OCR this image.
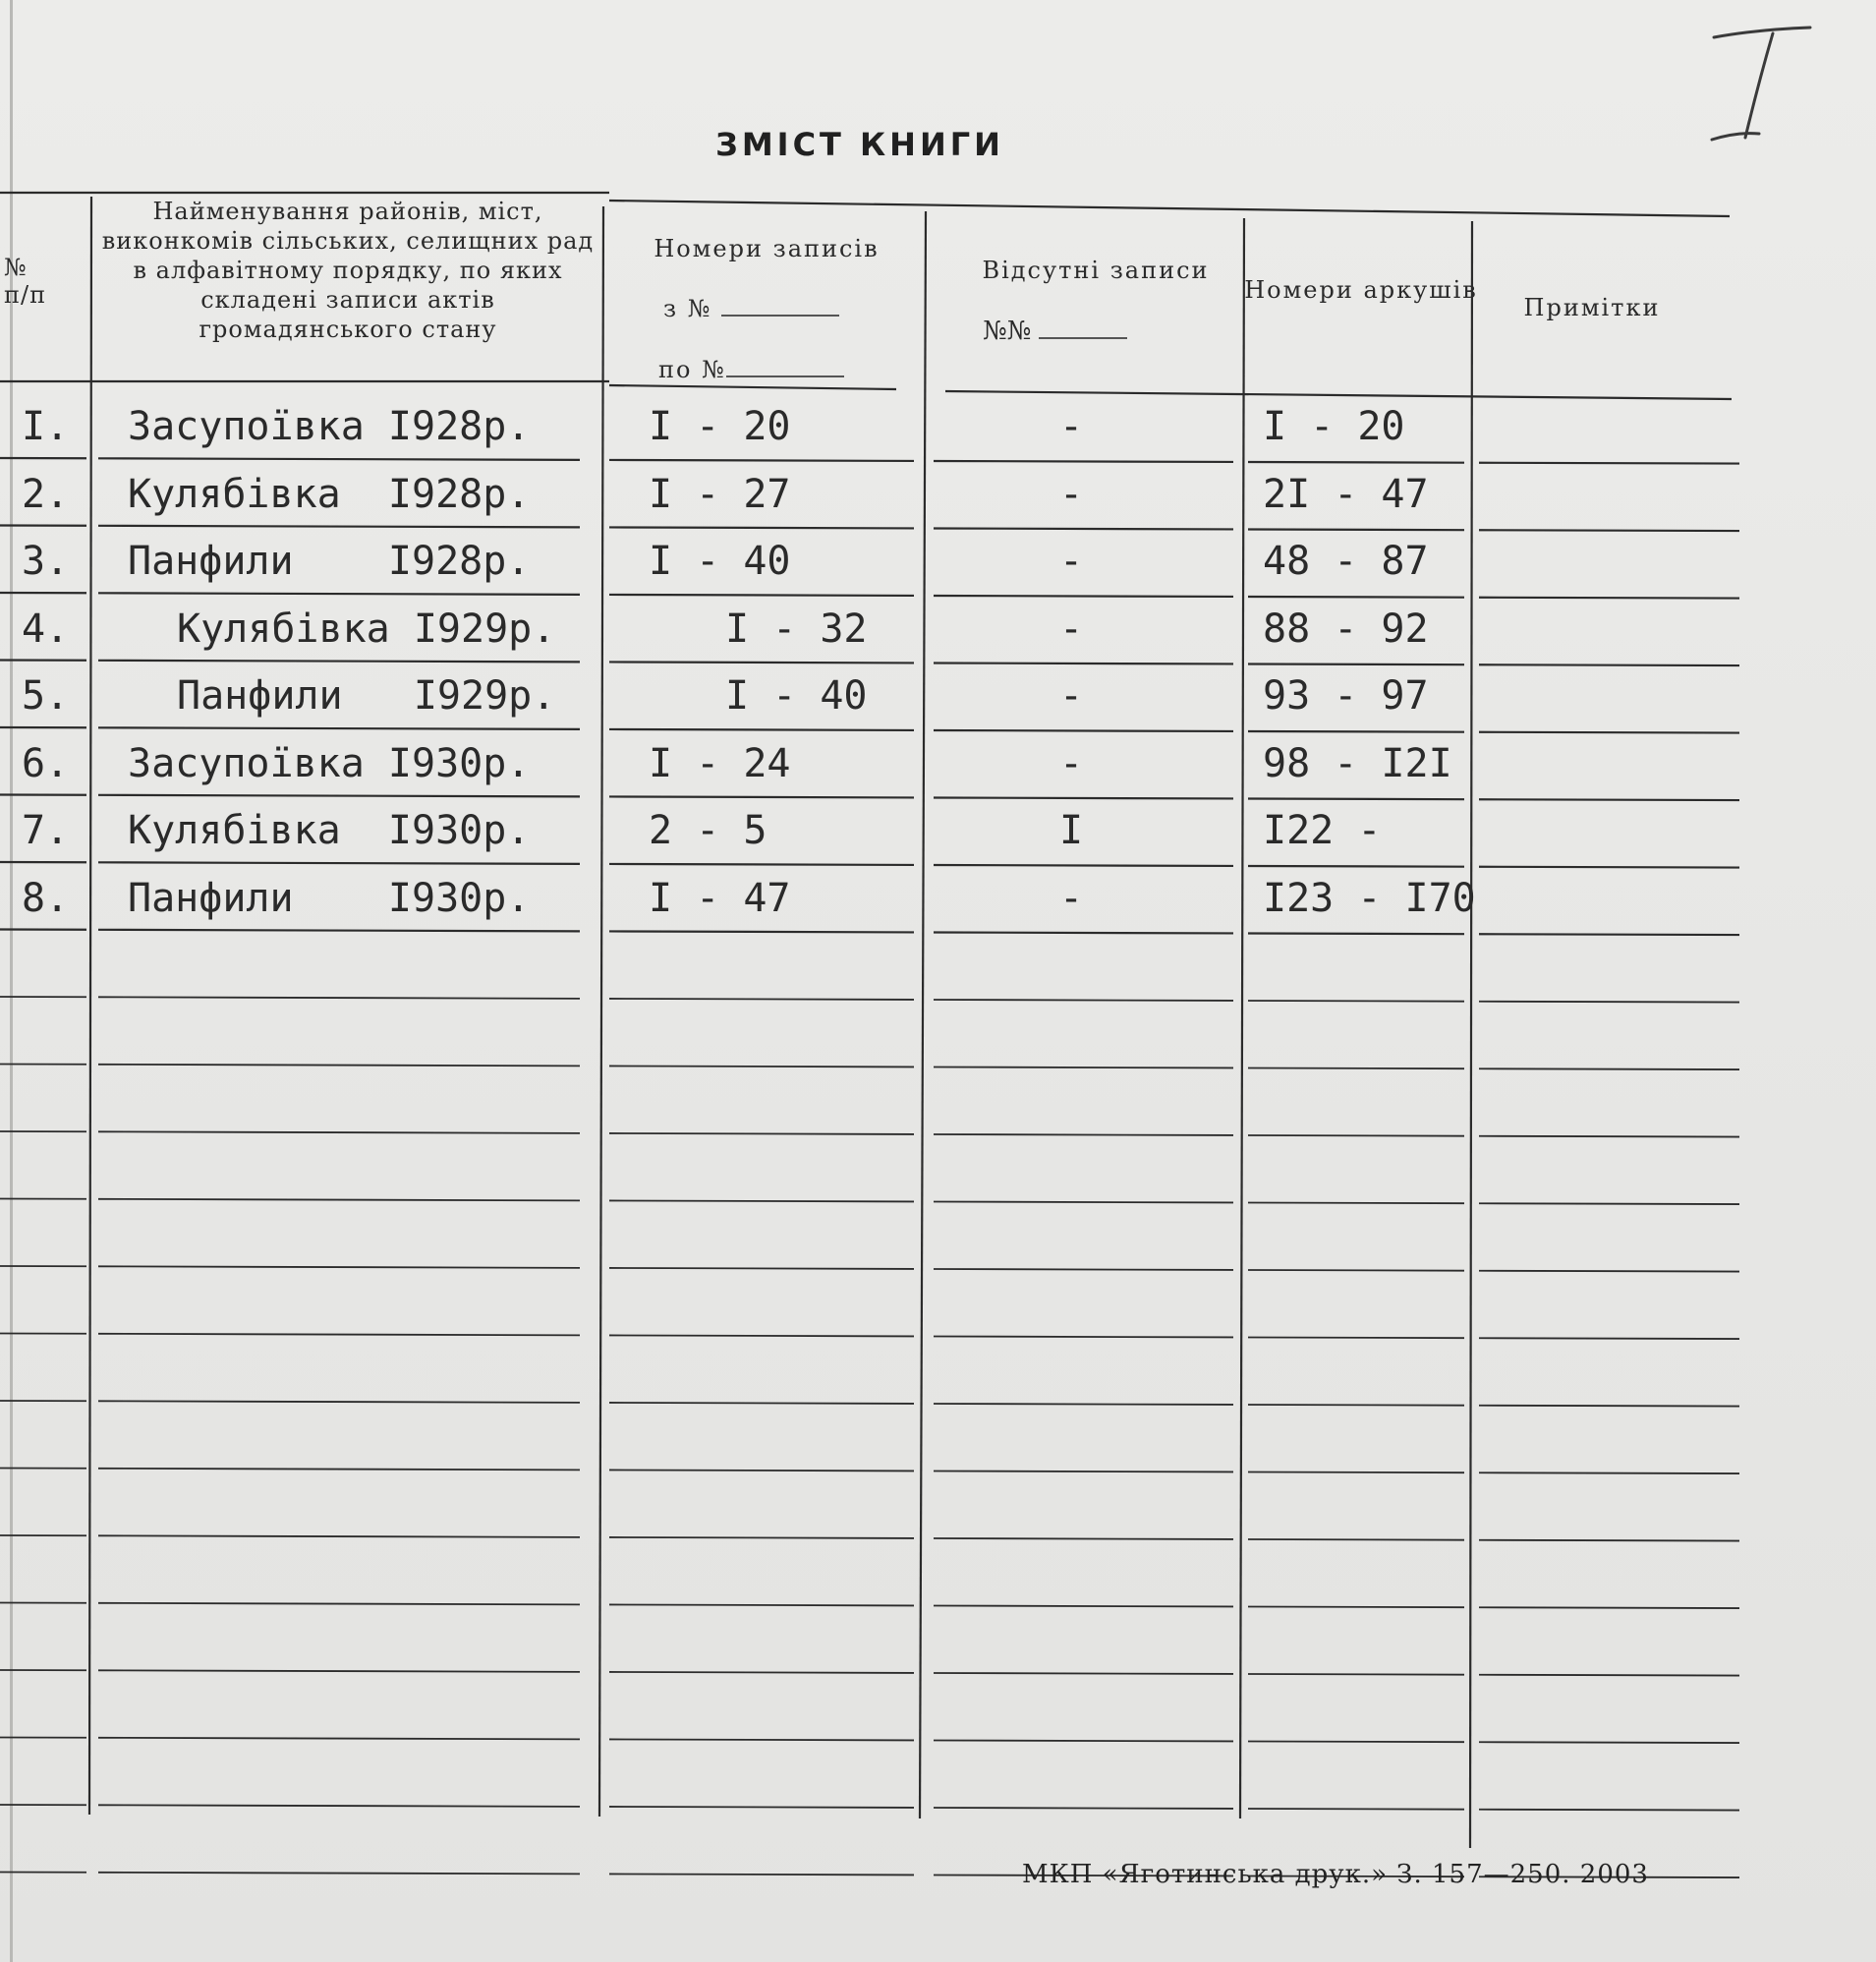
I
ЗМІСТ КНИГИ
№
п/п
Найменування районів, міст, виконкомів сільських, селищних рад в алфавітному порядку, по яких складені записи актів громадянського стану
Номери записів
з №
по №
Відсутні записи
№№
Номери аркушів
Примітки
I. Засупоївка I928р.	I - 20	-	I - 20
2. Кулябівка  I928р.	I - 27	-	2I - 47
3. Панфили    I928р.	I - 40	-	48 - 87
4.	Кулябівка I929р.	I - 32	-	88 - 92
5.	Панфили   I929р.	I - 40	-	93 - 97
6. Засупоївка I930р.	I - 24	-	98 - I2I
7. Кулябівка  I930р.	2 - 5	I	I22 -
8. Панфили    I930р.	I - 47	-	I23 - I70
МКП «Яготинська друк.» З. 157—250. 2003
